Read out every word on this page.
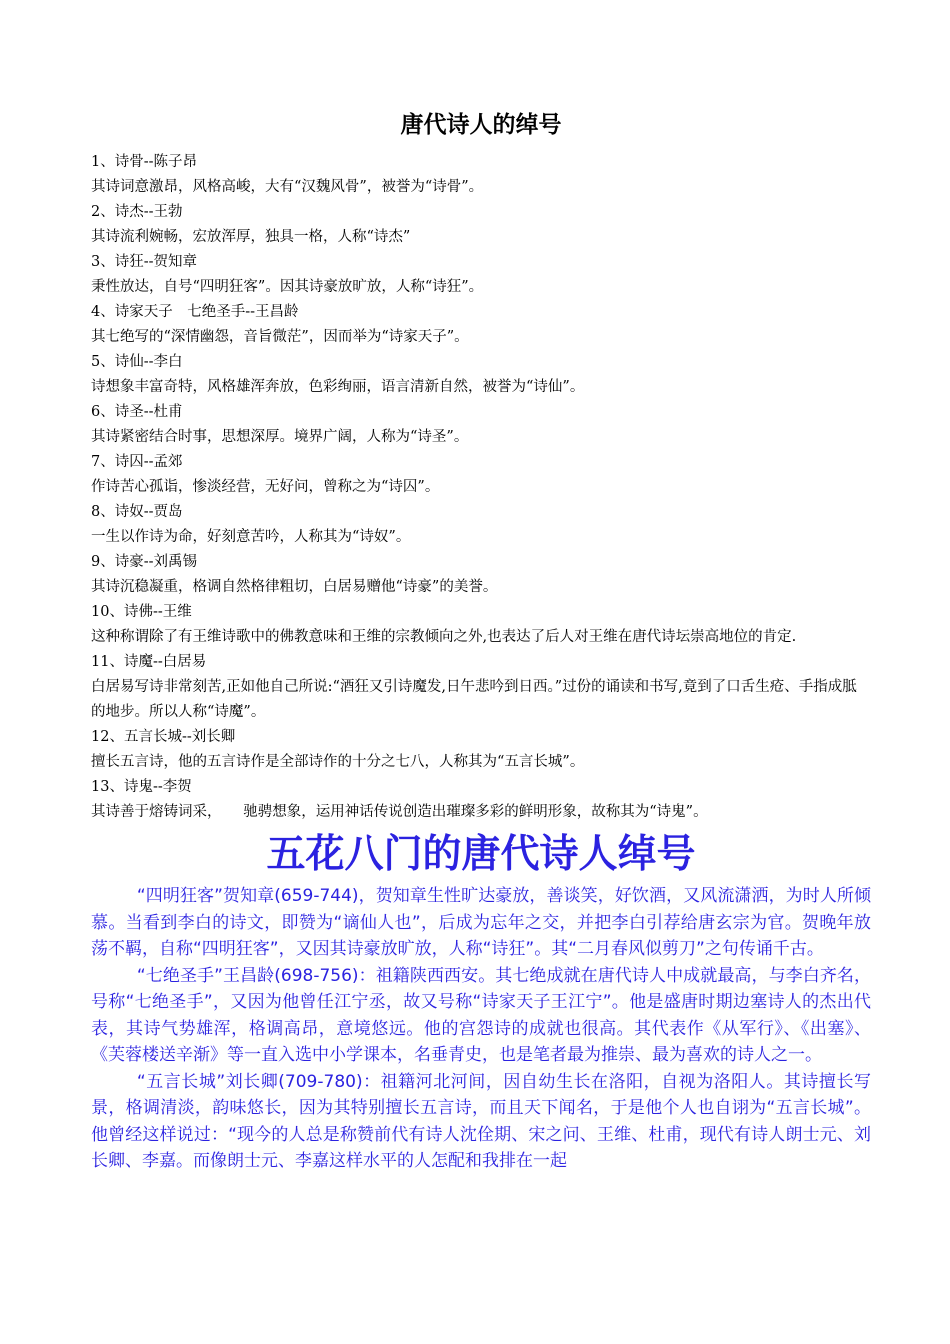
唐代诗人的绰号
1、诗骨--陈子昂
其诗词意激昂，风格高峻，大有“汉魏风骨”，被誉为“诗骨”。
2、诗杰--王勃
其诗流利婉畅，宏放浑厚，独具一格，人称“诗杰”
3、诗狂--贺知章
秉性放达，自号“四明狂客”。因其诗豪放旷放，人称“诗狂”。
4、诗家天子　七绝圣手--王昌龄
其七绝写的“深情幽怨，音旨微茫”，因而举为“诗家天子”。
5、诗仙--李白
诗想象丰富奇特，风格雄浑奔放，色彩绚丽，语言清新自然，被誉为“诗仙”。
6、诗圣--杜甫
其诗紧密结合时事，思想深厚。境界广阔，人称为“诗圣”。
7、诗囚--孟郊
作诗苦心孤诣，惨淡经营，无好问，曾称之为“诗囚”。
8、诗奴--贾岛
一生以作诗为命，好刻意苦吟，人称其为“诗奴”。
9、诗豪--刘禹锡
其诗沉稳凝重，格调自然格律粗切，白居易赠他“诗豪”的美誉。
10、诗佛--王维
这种称谓除了有王维诗歌中的佛教意味和王维的宗教倾向之外,也表达了后人对王维在唐代诗坛崇高地位的肯定.
11、诗魔--白居易
白居易写诗非常刻苦,正如他自己所说:“酒狂又引诗魔发,日午悲吟到日西。”过份的诵读和书写,竟到了口舌生疮、手指成胝的地步。所以人称“诗魔”。
12、五言长城--刘长卿
擅长五言诗，他的五言诗作是全部诗作的十分之七八，人称其为“五言长城”。
13、诗鬼--李贺
其诗善于熔铸词采，　　驰骋想象，运用神话传说创造出璀璨多彩的鲜明形象，故称其为“诗鬼”。
五花八门的唐代诗人绰号

“四明狂客”贺知章(659-744)，贺知章生性旷达豪放，善谈笑，好饮酒，又风流潇洒，为时人所倾慕。当看到李白的诗文，即赞为“谪仙人也”，后成为忘年之交，并把李白引荐给唐玄宗为官。贺晚年放荡不羁，自称“四明狂客”，又因其诗豪放旷放，人称“诗狂”。其“二月春风似剪刀”之句传诵千古。

“七绝圣手”王昌龄(698-756)：祖籍陕西西安。其七绝成就在唐代诗人中成就最高，与李白齐名，号称“七绝圣手”，又因为他曾任江宁丞，故又号称“诗家天子王江宁”。他是盛唐时期边塞诗人的杰出代表，其诗气势雄浑，格调高昂，意境悠远。他的宫怨诗的成就也很高。其代表作《从军行》、《出塞》、《芙蓉楼送辛渐》等一直入选中小学课本，名垂青史，也是笔者最为推崇、最为喜欢的诗人之一。

“五言长城”刘长卿(709-780)：祖籍河北河间，因自幼生长在洛阳，自视为洛阳人。其诗擅长写景，格调清淡，韵味悠长，因为其特别擅长五言诗，而且天下闻名，于是他个人也自诩为“五言长城”。他曾经这样说过：“现今的人总是称赞前代有诗人沈佺期、宋之问、王维、杜甫，现代有诗人朗士元、刘长卿、李嘉。而像朗士元、李嘉这样水平的人怎配和我排在一起
